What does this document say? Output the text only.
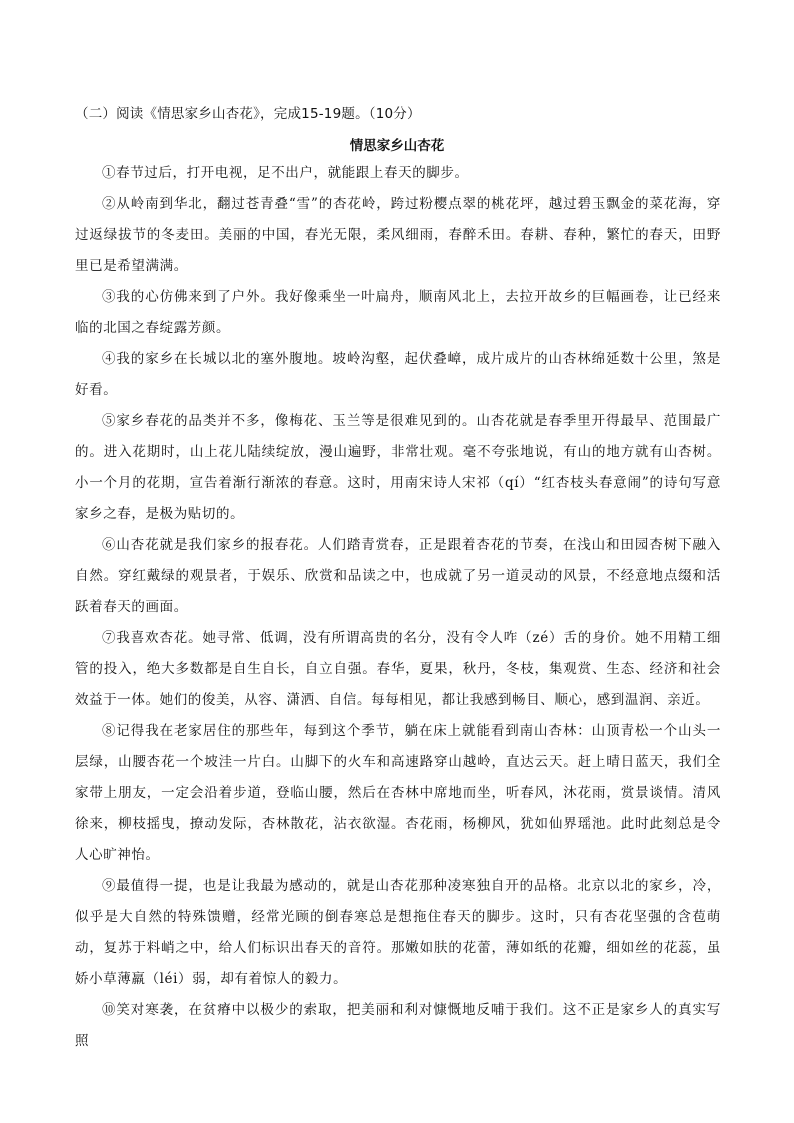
（二）阅读《情思家乡山杏花》，完成15-19题。（10分）
情思家乡山杏花

①春节过后，打开电视，足不出户，就能跟上春天的脚步。

②从岭南到华北，翻过苍青叠“雪”的杏花岭，跨过粉樱点翠的桃花坪，越过碧玉飘金的菜花海，穿过返绿拔节的冬麦田。美丽的中国，春光无限，柔风细雨，春醉禾田。春耕、春种，繁忙的春天，田野里已是希望满满。

③我的心仿佛来到了户外。我好像乘坐一叶扁舟，顺南风北上，去拉开故乡的巨幅画卷，让已经来临的北国之春绽露芳颜。

④我的家乡在长城以北的塞外腹地。坡岭沟壑，起伏叠嶂，成片成片的山杏林绵延数十公里，煞是好看。

⑤家乡春花的品类并不多，像梅花、玉兰等是很难见到的。山杏花就是春季里开得最早、范围最广的。进入花期时，山上花儿陆续绽放，漫山遍野，非常壮观。毫不夸张地说，有山的地方就有山杏树。小一个月的花期，宣告着渐行渐浓的春意。这时，用南宋诗人宋祁（qí）“红杏枝头春意闹”的诗句写意家乡之春，是极为贴切的。

⑥山杏花就是我们家乡的报春花。人们踏青赏春，正是跟着杏花的节奏，在浅山和田园杏树下融入自然。穿红戴绿的观景者，于娱乐、欣赏和品读之中，也成就了另一道灵动的风景，不经意地点缀和活跃着春天的画面。

⑦我喜欢杏花。她寻常、低调，没有所谓高贵的名分，没有令人咋（zé）舌的身价。她不用精工细管的投入，绝大多数都是自生自长，自立自强。春华，夏果，秋丹，冬枝，集观赏、生态、经济和社会效益于一体。她们的俊美，从容、潇洒、自信。每每相见，都让我感到畅目、顺心，感到温润、亲近。

⑧记得我在老家居住的那些年，每到这个季节，躺在床上就能看到南山杏林：山顶青松一个山头一层绿，山腰杏花一个坡洼一片白。山脚下的火车和高速路穿山越岭，直达云天。赶上晴日蓝天，我们全家带上朋友，一定会沿着步道，登临山腰，然后在杏林中席地而坐，听春风，沐花雨，赏景谈情。清风徐来，柳枝摇曳，撩动发际，杏林散花，沾衣欲湿。杏花雨，杨柳风，犹如仙界瑶池。此时此刻总是令人心旷神怡。

⑨最值得一提，也是让我最为感动的，就是山杏花那种凌寒独自开的品格。北京以北的家乡，冷，似乎是大自然的特殊馈赠，经常光顾的倒春寒总是想拖住春天的脚步。这时，只有杏花坚强的含苞萌动，复苏于料峭之中，给人们标识出春天的音符。那嫩如肤的花蕾，薄如纸的花瓣，细如丝的花蕊，虽娇小草薄羸（léi）弱，却有着惊人的毅力。

⑩笑对寒袭，在贫瘠中以极少的索取，把美丽和利对慷慨地反哺于我们。这不正是家乡人的真实写照
